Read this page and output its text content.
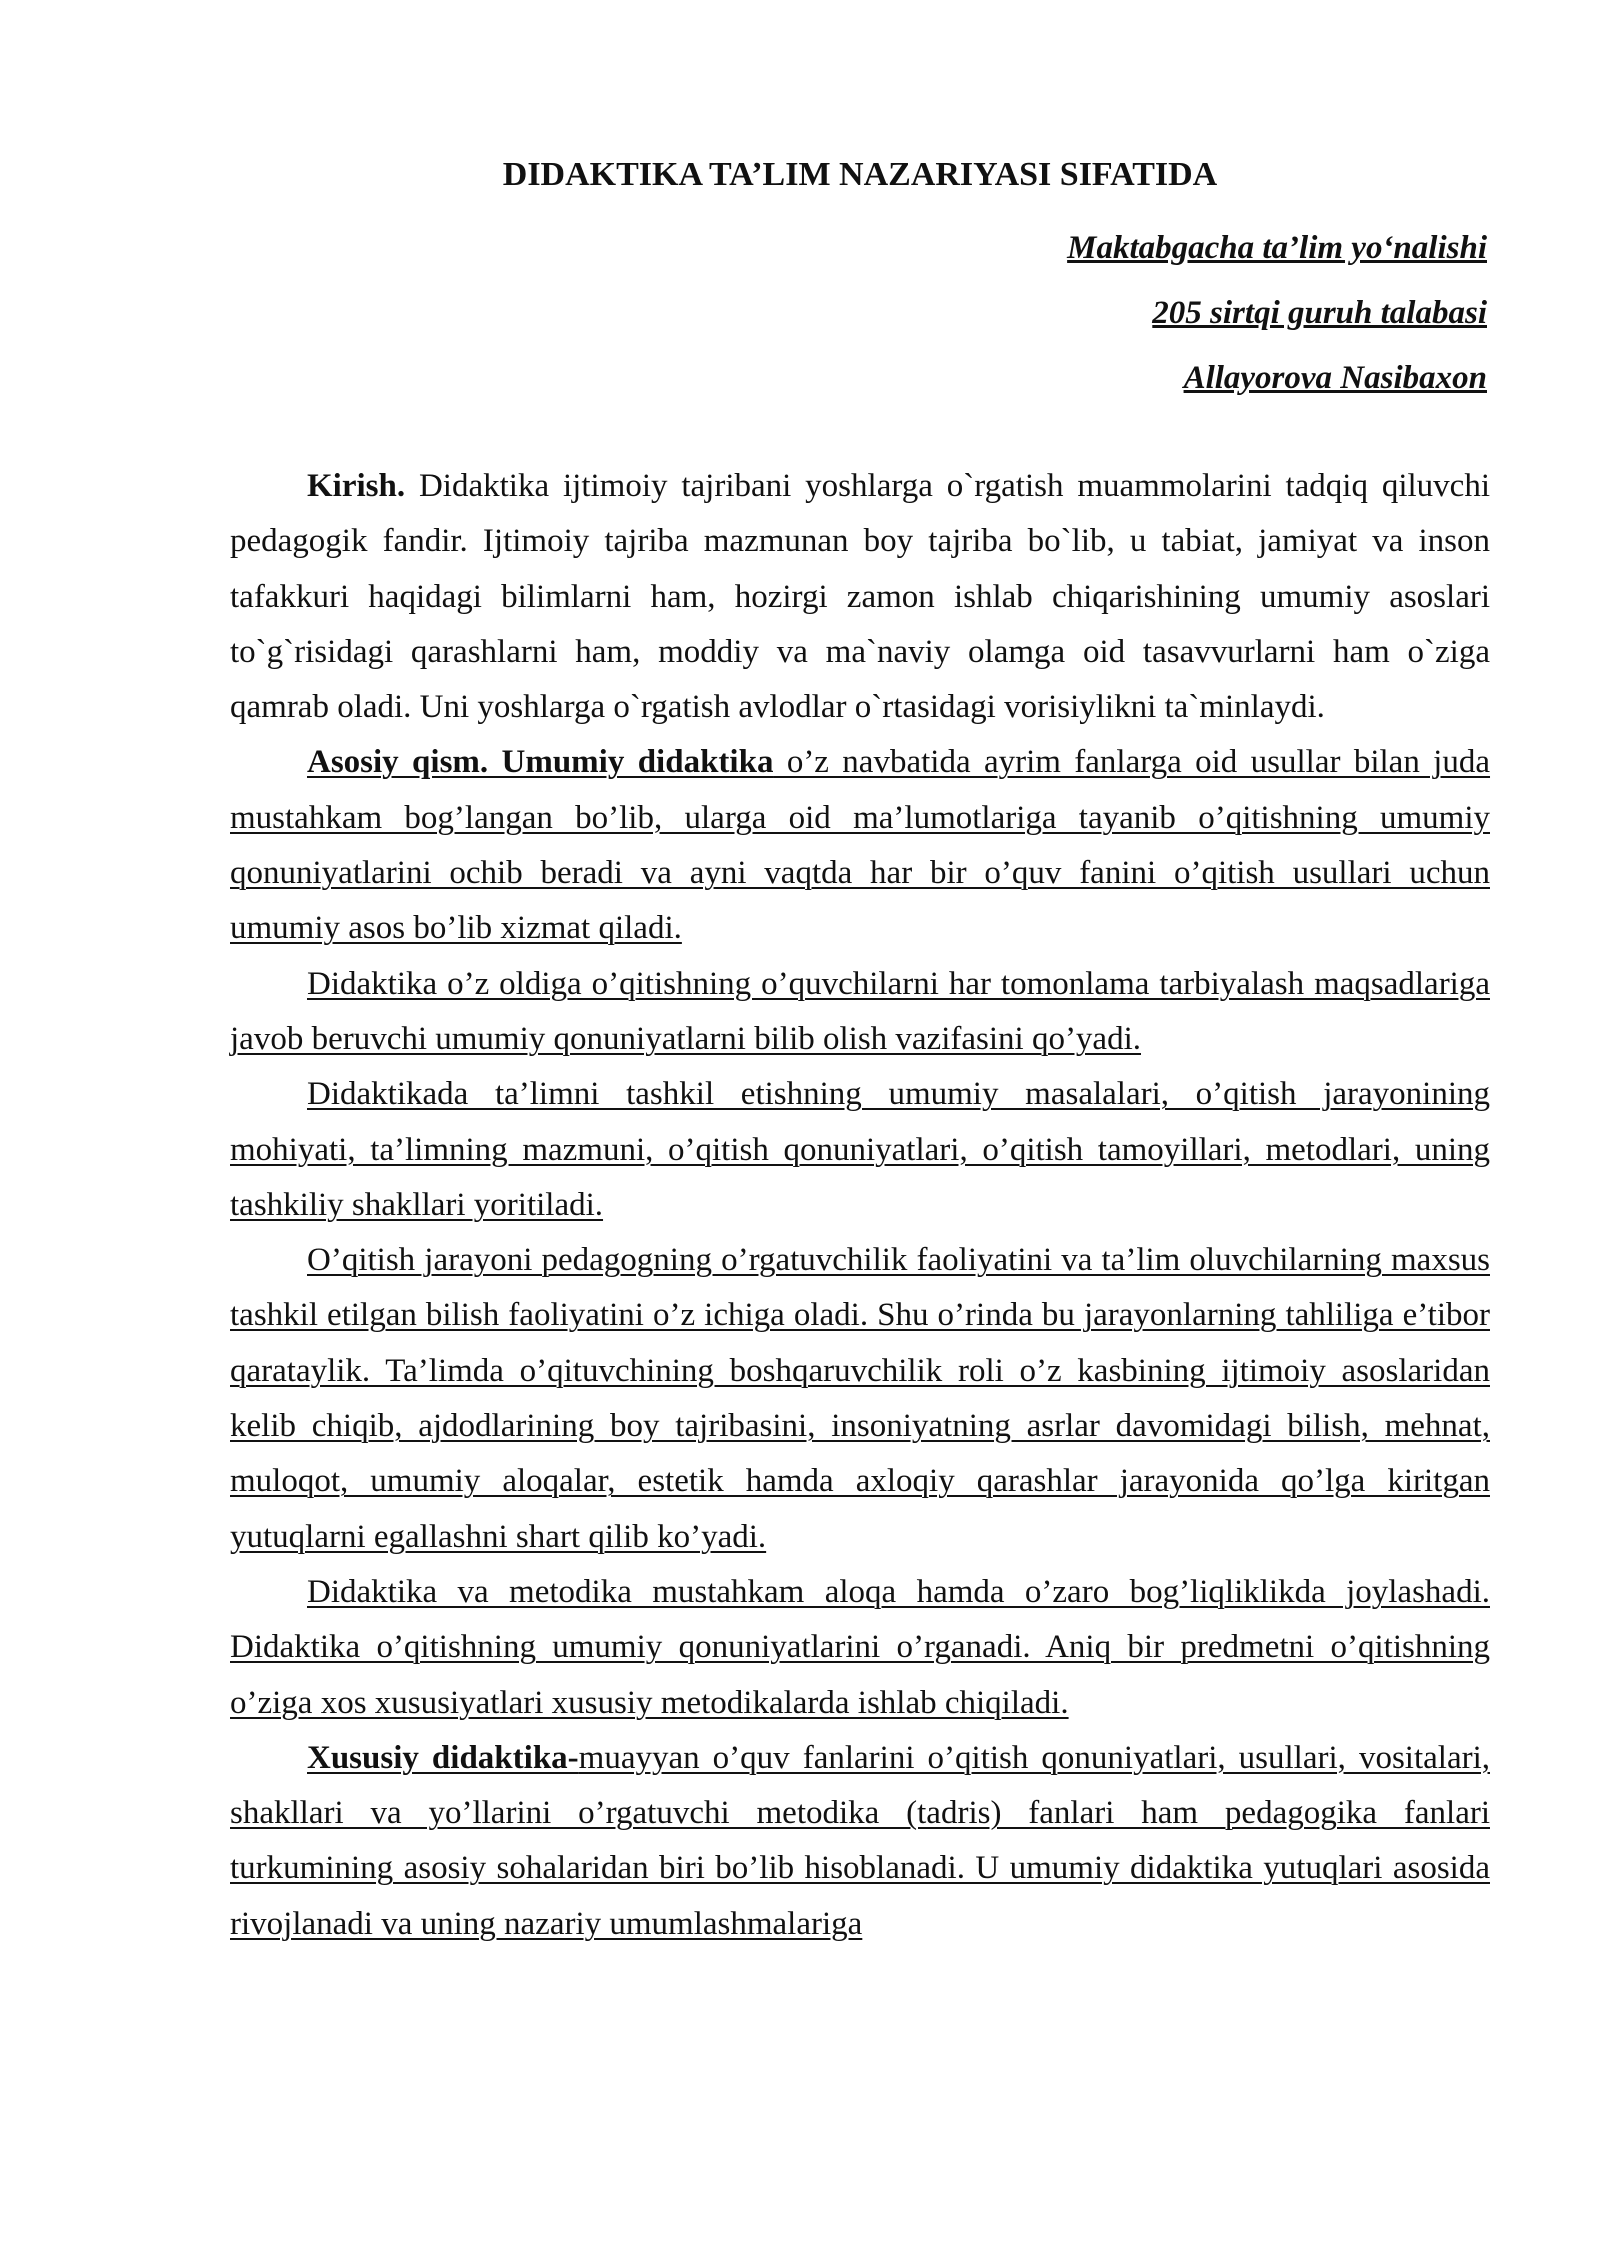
DIDAKTIKA TA’LIM NAZARIYASI SIFATIDA
Maktabgacha ta’lim yo‘nalishi
205 sirtqi guruh talabasi
Allayorova Nasibaxon

Kirish. Didaktika ijtimoiy tajribani yoshlarga o`rgatish muammolarini tadqiq qiluvchi pedagogik fandir. Ijtimoiy tajriba mazmunan boy tajriba bo`lib, u tabiat, jamiyat va inson tafakkuri haqidagi bilimlarni ham, hozirgi zamon ishlab chiqarishining umumiy asoslari to`g`risidagi qarashlarni ham, moddiy va ma`naviy olamga oid tasavvurlarni ham o`ziga qamrab oladi. Uni yoshlarga o`rgatish avlodlar o`rtasidagi vorisiylikni ta`minlaydi.

Asosiy qism. Umumiy didaktika o’z navbatida ayrim fanlarga oid usullar bilan juda mustahkam bog’langan bo’lib, ularga oid ma’lumotlariga tayanib o’qitishning umumiy qonuniyatlarini ochib beradi va ayni vaqtda har bir o’quv fanini o’qitish usullari uchun umumiy asos bo’lib xizmat qiladi.

Didaktika o’z oldiga o’qitishning o’quvchilarni har tomonlama tarbiyalash maqsadlariga javob beruvchi umumiy qonuniyatlarni bilib olish vazifasini qo’yadi.

Didaktikada ta’limni tashkil etishning umumiy masalalari, o’qitish jarayonining mohiyati, ta’limning mazmuni, o’qitish qonuniyatlari, o’qitish tamoyillari, metodlari, uning tashkiliy shakllari yoritiladi.

O’qitish jarayoni pedagogning o’rgatuvchilik faoliyatini va ta’lim oluvchilarning maxsus tashkil etilgan bilish faoliyatini o’z ichiga oladi. Shu o’rinda bu jarayonlarning tahliliga e’tibor qarataylik. Ta’limda o’qituvchining boshqaruvchilik roli o’z kasbining ijtimoiy asoslaridan kelib chiqib, ajdodlarining boy tajribasini, insoniyatning asrlar davomidagi bilish, mehnat, muloqot, umumiy aloqalar, estetik hamda axloqiy qarashlar jarayonida qo’lga kiritgan yutuqlarni egallashni shart qilib ko’yadi.

Didaktika va metodika mustahkam aloqa hamda o’zaro bog’liqliklikda joylashadi. Didaktika o’qitishning umumiy qonuniyatlarini o’rganadi. Aniq bir predmetni o’qitishning o’ziga xos xususiyatlari xususiy metodikalarda ishlab chiqiladi.

Xususiy didaktika-muayyan o’quv fanlarini o’qitish qonuniyatlari, usullari, vositalari, shakllari va yo’llarini o’rgatuvchi metodika (tadris) fanlari ham pedagogika fanlari turkumining asosiy sohalaridan biri bo’lib hisoblanadi. U umumiy didaktika yutuqlari asosida rivojlanadi va uning nazariy umumlashmalariga
